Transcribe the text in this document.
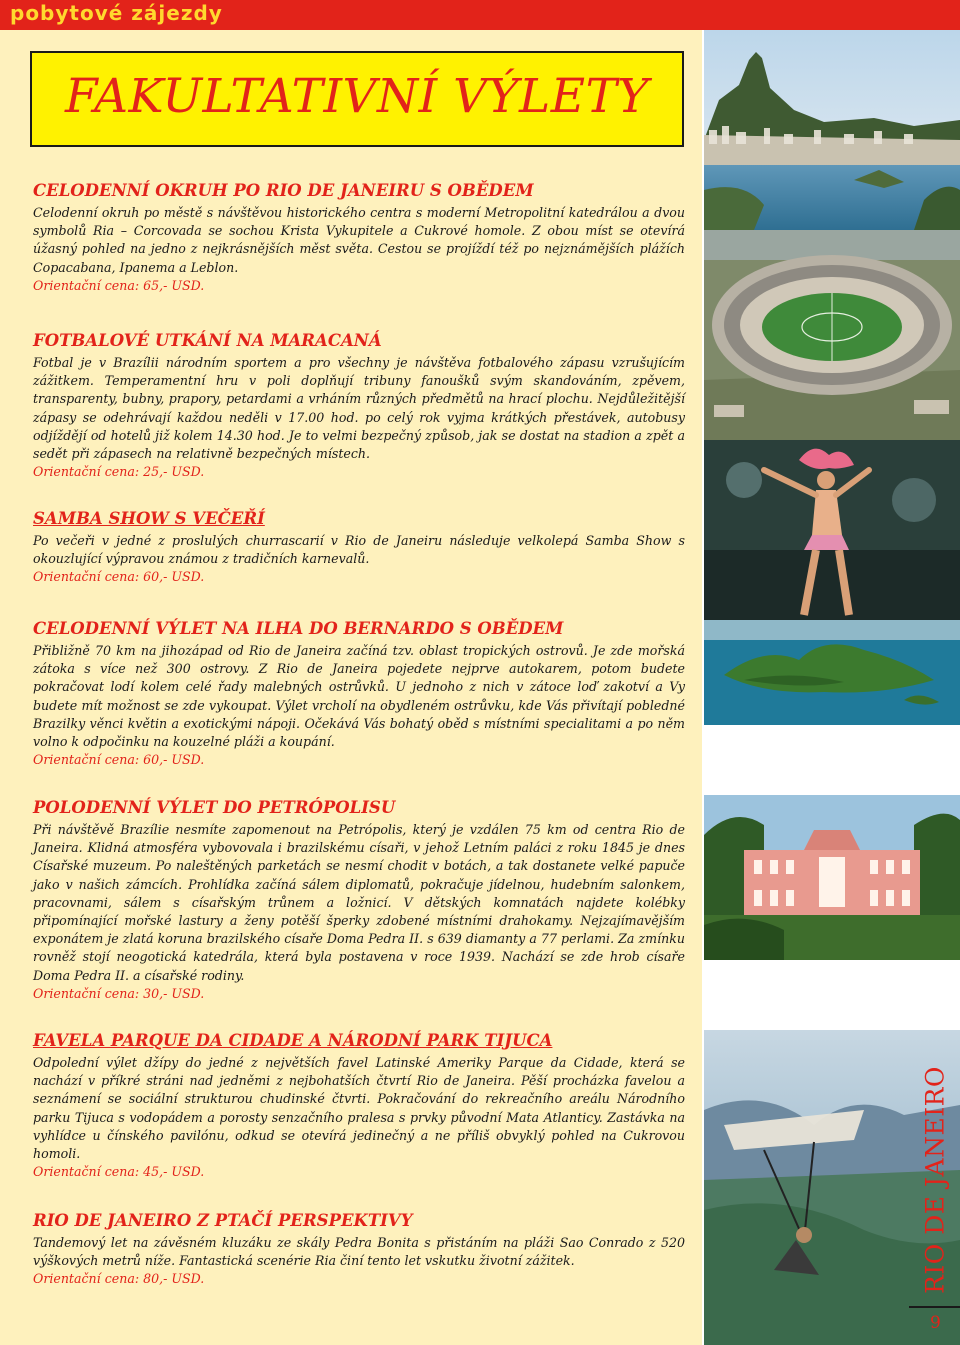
pobytové zájezdy
FAKULTATIVNÍ VÝLETY

CELODENNÍ OKRUH PO RIO DE JANEIRU S OBĚDEM

Celodenní okruh po městě s návštěvou historického centra s moderní Metropolitní katedrálou a dvou symbolů Ria – Corcovada se sochou Krista Vykupitele a Cukrové homole. Z obou míst se otevírá úžasný pohled na jedno z nejkrásnějších měst světa. Cestou se projíždí též po nejznámějších plážích Copacabana, Ipanema a Leblon.

Orientační cena: 65,- USD.

FOTBALOVÉ UTKÁNÍ NA MARACANÁ

Fotbal je v Brazílii národním sportem a pro všechny je návštěva fotbalového zápasu vzrušujícím zážitkem. Temperamentní hru v poli doplňují tribuny fanoušků svým skandováním, zpěvem, transparenty, bubny, prapory, petardami a vrháním různých předmětů na hrací plochu. Nejdůležitější zápasy se odehrávají každou neděli v 17.00 hod. po celý rok vyjma krátkých přestávek, autobusy odjíždějí od hotelů již kolem 14.30 hod. Je to velmi bezpečný způsob, jak se dostat na stadion a zpět a sedět při zápasech na relativně bezpečných místech.

Orientační cena: 25,- USD.

SAMBA SHOW S VEČEŘÍ

Po večeři v jedné z proslulých churrascarií v Rio de Janeiru následuje velkolepá Samba Show s okouzlující výpravou známou z tradičních karnevalů.

Orientační cena: 60,- USD.

CELODENNÍ VÝLET NA ILHA DO BERNARDO S OBĚDEM

Přibližně 70 km na jihozápad od Rio de Janeira začíná tzv. oblast tropických ostrovů. Je zde mořská zátoka s více než 300 ostrovy. Z Rio de Janeira pojedete nejprve autokarem, potom budete pokračovat lodí kolem celé řady malebných ostrůvků. U jednoho z nich v zátoce loď zakotví a Vy budete mít možnost se zde vykoupat. Výlet vrcholí na obydleném ostrůvku, kde Vás přivítají pobledné Brazilky věnci květin a exotickými nápoji. Očekává Vás bohatý oběd s místními specialitami a po něm volno k odpočinku na kouzelné pláži a koupání.

Orientační cena: 60,- USD.

POLODENNÍ VÝLET DO PETRÓPOLISU

Při návštěvě Brazílie nesmíte zapomenout na Petrópolis, který je vzdálen 75 km od centra Rio de Janeira. Klidná atmosféra vybovovala i brazilskému císaři, v jehož Letním paláci z roku 1845 je dnes Císařské muzeum. Po naleštěných parketách se nesmí chodit v botách, a tak dostanete velké papuče jako v našich zámcích. Prohlídka začíná sálem diplomatů, pokračuje jídelnou, hudebním salonkem, pracovnami, sálem s císařským trůnem a ložnicí. V dětských komnatách najdete kolébky připomínající mořské lastury a ženy potěší šperky zdobené místními drahokamy. Nejzajímavějším exponátem je zlatá koruna brazilského císaře Doma Pedra II. s 639 diamanty a 77 perlami. Za zmínku rovněž stojí neogotická katedrála, která byla postavena v roce 1939. Nachází se zde hrob císaře Doma Pedra II. a císařské rodiny.

Orientační cena: 30,- USD.

FAVELA PARQUE DA CIDADE A NÁRODNÍ PARK TIJUCA

Odpolední výlet džípy do jedné z největších favel Latinské Ameriky Parque da Cidade, která se nachází v příkré stráni nad jedněmi z nejbohatších čtvrtí Rio de Janeira. Pěší procházka favelou a seznámení se sociální strukturou chudinské čtvrti. Pokračování do rekreačního areálu Národního parku Tijuca s vodopádem a porosty senzačního pralesa s prvky původní Mata Atlanticy. Zastávka na vyhlídce u čínského pavilónu, odkud se otevírá jedinečný a ne příliš obvyklý pohled na Cukrovou homoli.

Orientační cena: 45,- USD.

RIO DE JANEIRO Z PTAČÍ PERSPEKTIVY

Tandemový let na závěsném kluzáku ze skály Pedra Bonita s přistáním na pláži Sao Conrado z 520 výškových metrů níže. Fantastická scenérie Ria činí tento let vskutku životní zážitek.

Orientační cena: 80,- USD.	RIO DE JANEIRO
9
